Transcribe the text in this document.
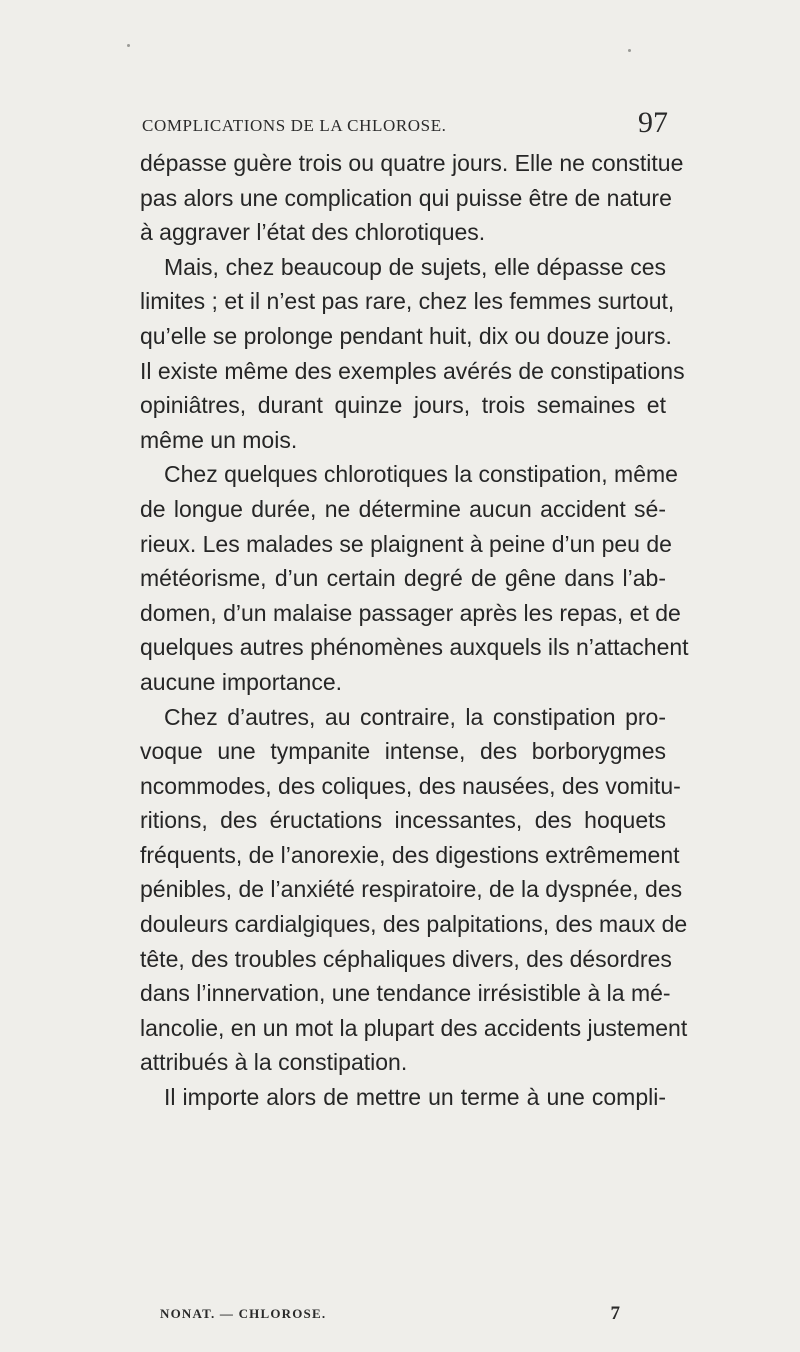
COMPLICATIONS DE LA CHLOROSE.	97
dépasse guère trois ou quatre jours. Elle ne constitue
pas alors une complication qui puisse être de nature
à aggraver l’état des chlorotiques.
Mais, chez beaucoup de sujets, elle dépasse ces
limites ; et il n’est pas rare, chez les femmes surtout,
qu’elle se prolonge pendant huit, dix ou douze jours.
Il existe même des exemples avérés de constipations
opiniâtres, durant quinze jours, trois semaines et
même un mois.
Chez quelques chlorotiques la constipation, même
de longue durée, ne détermine aucun accident sé-
rieux. Les malades se plaignent à peine d’un peu de
météorisme, d’un certain degré de gêne dans l’ab-
domen, d’un malaise passager après les repas, et de
quelques autres phénomènes auxquels ils n’attachent
aucune importance.
Chez d’autres, au contraire, la constipation pro-
voque une tympanite intense, des borborygmes
ncommodes, des coliques, des nausées, des vomitu-
ritions, des éructations incessantes, des hoquets
fréquents, de l’anorexie, des digestions extrêmement
pénibles, de l’anxiété respiratoire, de la dyspnée, des
douleurs cardialgiques, des palpitations, des maux de
tête, des troubles céphaliques divers, des désordres
dans l’innervation, une tendance irrésistible à la mé-
lancolie, en un mot la plupart des accidents justement
attribués à la constipation.
Il importe alors de mettre un terme à une compli-
NONAT. — CHLOROSE.	7
